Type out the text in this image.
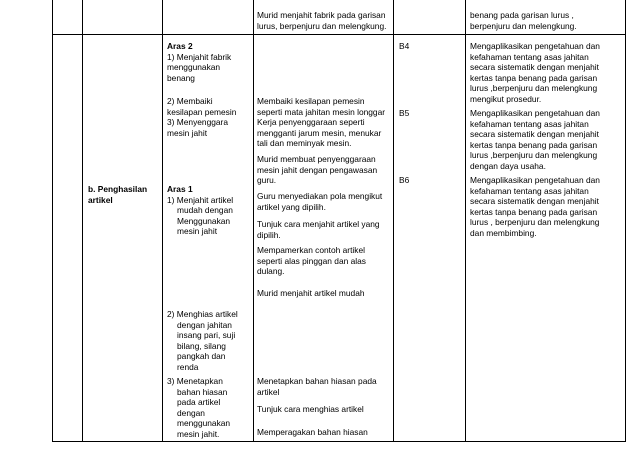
Murid menjahit fabrik pada garisan

lurus, berpenjuru dan melengkung.

benang pada garisan lurus ,

berpenjuru dan melengkung.

b. Penghasilan

artikel

Aras 2

1) Menjahit fabrik

menggunakan

benang

2) Membaiki

kesilapan pemesin

3) Menyenggara

mesin jahit

Aras 1

1) Menjahit artikel

mudah dengan

Menggunakan

mesin jahit

2) Menghias artikel

dengan jahitan

insang pari, suji

bilang, silang

pangkah dan

renda

3) Menetapkan

bahan hiasan

pada artikel

dengan

menggunakan

mesin jahit.

Membaiki kesilapan pemesin

seperti mata jahitan mesin longgar

Kerja penyenggaraan seperti

mengganti jarum mesin, menukar

tali dan meminyak mesin.

Murid membuat penyenggaraan

mesin jahit dengan pengawasan

guru.

Guru menyediakan pola mengikut

artikel yang dipilih.

Tunjuk cara menjahit artikel yang

dipilih.

Mempamerkan contoh artikel

seperti alas pinggan dan alas

dulang.

Murid menjahit artikel mudah

Menetapkan bahan hiasan pada

artikel

Tunjuk cara menghias artikel

Memperagakan bahan hiasan

B4
B5
B6

Mengaplikasikan pengetahuan dan

kefahaman tentang asas jahitan

secara sistematik dengan menjahit

kertas tanpa benang pada garisan

lurus ,berpenjuru dan melengkung

mengikut prosedur.

Mengaplikasikan pengetahuan dan

kefahaman tentang asas jahitan

secara sistematik dengan menjahit

kertas tanpa benang pada garisan

lurus ,berpenjuru dan melengkung

dengan daya usaha.

Mengaplikasikan pengetahuan dan

kefahaman tentang asas jahitan

secara sistematik dengan menjahit

kertas tanpa benang pada garisan

lurus , berpenjuru dan melengkung

dan membimbing.
